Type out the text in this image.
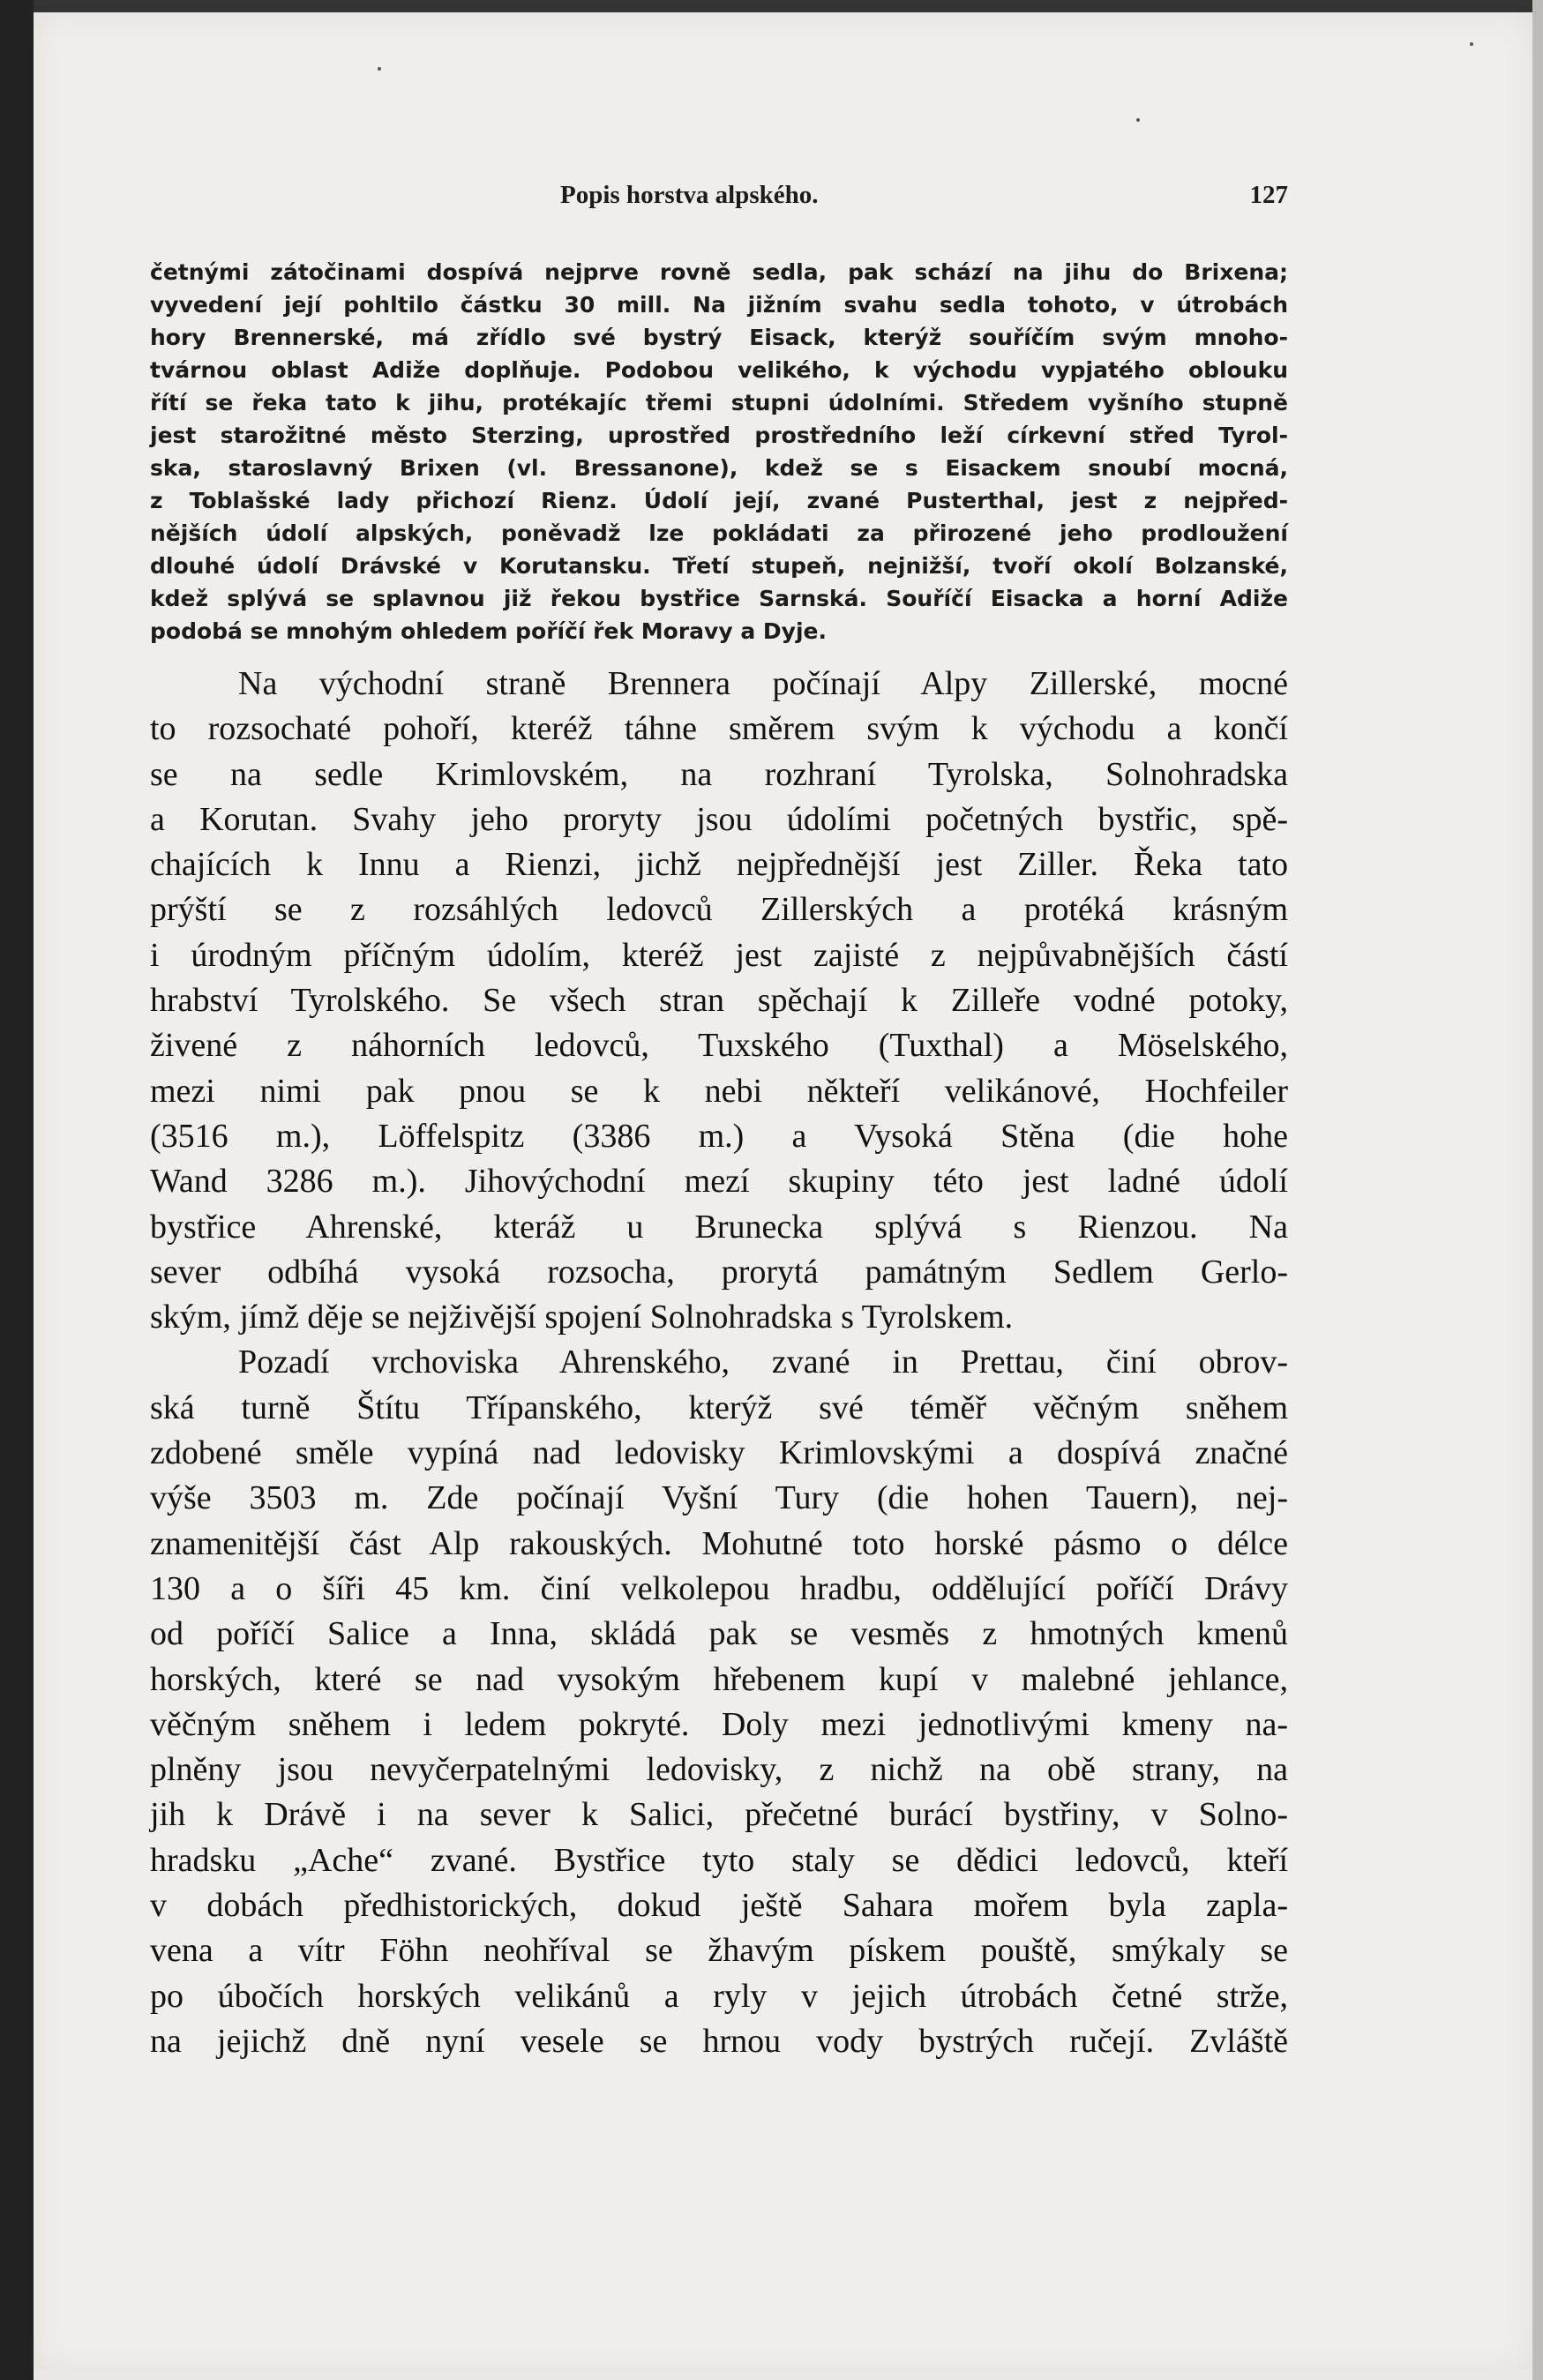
Popis horstva alpského.	127
četnými zátočinami dospívá nejprve rovně sedla, pak schází na jihu do Brixena;
vyvedení její pohltilo částku 30 mill. Na jižním svahu sedla tohoto, v útrobách
hory Brennerské, má zřídlo své bystrý Eisack, kterýž souříčím svým mnoho-
tvárnou oblast Adiže doplňuje. Podobou velikého, k východu vypjatého oblouku
řítí se řeka tato k jihu, protékajíc třemi stupni údolními. Středem vyšního stupně
jest starožitné město Sterzing, uprostřed prostředního leží církevní střed Tyrol-
ska, staroslavný Brixen (vl. Bressanone), kdež se s Eisackem snoubí mocná,
z Toblašské lady přichozí Rienz. Údolí její, zvané Pusterthal, jest z nejpřed-
nějších údolí alpských, poněvadž lze pokládati za přirozené jeho prodloužení
dlouhé údolí Drávské v Korutansku. Třetí stupeň, nejnižší, tvoří okolí Bolzanské,
kdež splývá se splavnou již řekou bystřice Sarnská. Souříčí Eisacka a horní Adiže
podobá se mnohým ohledem poříčí řek Moravy a Dyje.
Na východní straně Brennera počínají Alpy Zillerské, mocné
to rozsochaté pohoří, kteréž táhne směrem svým k východu a končí
se na sedle Krimlovském, na rozhraní Tyrolska, Solnohradska
a Korutan. Svahy jeho proryty jsou údolími početných bystřic, spě-
chajících k Innu a Rienzi, jichž nejpřednější jest Ziller. Řeka tato
prýští se z rozsáhlých ledovců Zillerských a protéká krásným
i úrodným příčným údolím, kteréž jest zajisté z nejpůvabnějších částí
hrabství Tyrolského. Se všech stran spěchají k Zilleře vodné potoky,
živené z náhorních ledovců, Tuxského (Tuxthal) a Möselského,
mezi nimi pak pnou se k nebi někteří velikánové, Hochfeiler
(3516 m.), Löffelspitz (3386 m.) a Vysoká Stěna (die hohe
Wand 3286 m.). Jihovýchodní mezí skupiny této jest ladné údolí
bystřice Ahrenské, kteráž u Brunecka splývá s Rienzou. Na
sever odbíhá vysoká rozsocha, prorytá památným Sedlem Gerlo-
ským, jímž děje se nejživější spojení Solnohradska s Tyrolskem.
Pozadí vrchoviska Ahrenského, zvané in Prettau, činí obrov-
ská turně Štítu Třípanského, kterýž své téměř věčným sněhem
zdobené směle vypíná nad ledovisky Krimlovskými a dospívá značné
výše 3503 m. Zde počínají Vyšní Tury (die hohen Tauern), nej-
znamenitější část Alp rakouských. Mohutné toto horské pásmo o délce
130 a o šíři 45 km. činí velkolepou hradbu, oddělující poříčí Drávy
od poříčí Salice a Inna, skládá pak se vesměs z hmotných kmenů
horských, které se nad vysokým hřebenem kupí v malebné jehlance,
věčným sněhem i ledem pokryté. Doly mezi jednotlivými kmeny na-
plněny jsou nevyčerpatelnými ledovisky, z nichž na obě strany, na
jih k Drávě i na sever k Salici, přečetné burácí bystřiny, v Solno-
hradsku „Ache“ zvané. Bystřice tyto staly se dědici ledovců, kteří
v dobách předhistorických, dokud ještě Sahara mořem byla zapla-
vena a vítr Föhn neohříval se žhavým pískem pouště, smýkaly se
po úbočích horských velikánů a ryly v jejich útrobách četné strže,
na jejichž dně nyní vesele se hrnou vody bystrých ručejí. Zvláště
